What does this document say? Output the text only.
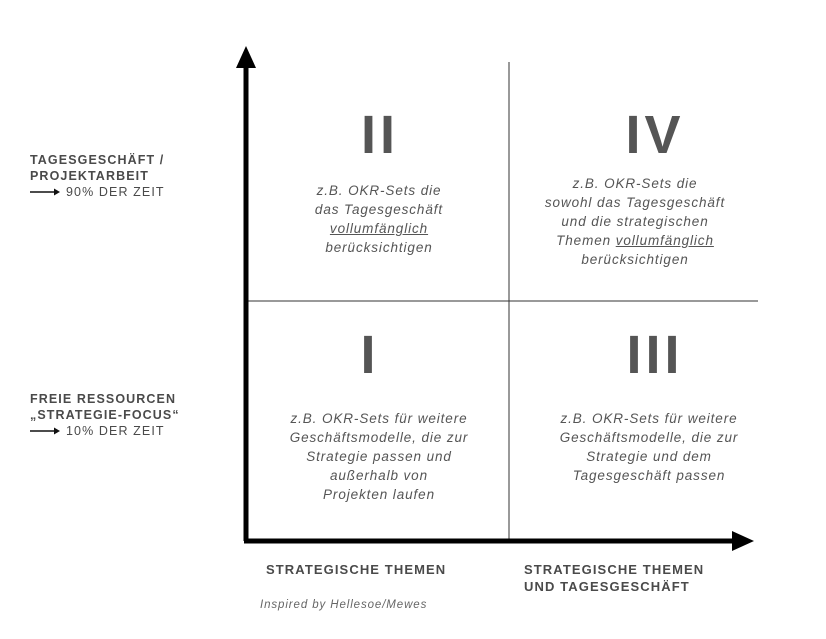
TAGESGESCHÄFT /
PROJEKTARBEIT
90% DER ZEIT
FREIE RESSOURCEN
„STRATEGIE-FOCUS“
10% DER ZEIT
II
z.B. OKR-Sets die
das Tagesgeschäft
vollumfänglich
berücksichtigen
IV
z.B. OKR-Sets die
sowohl das Tagesgeschäft
und die strategischen
Themen vollumfänglich
berücksichtigen
I
z.B. OKR-Sets für weitere
Geschäftsmodelle, die zur
Strategie passen und
außerhalb von
Projekten laufen
III
z.B. OKR-Sets für weitere
Geschäftsmodelle, die zur
Strategie und dem
Tagesgeschäft passen
STRATEGISCHE THEMEN	STRATEGISCHE THEMEN
UND TAGESGESCHÄFT
Inspired by Hellesoe/Mewes
